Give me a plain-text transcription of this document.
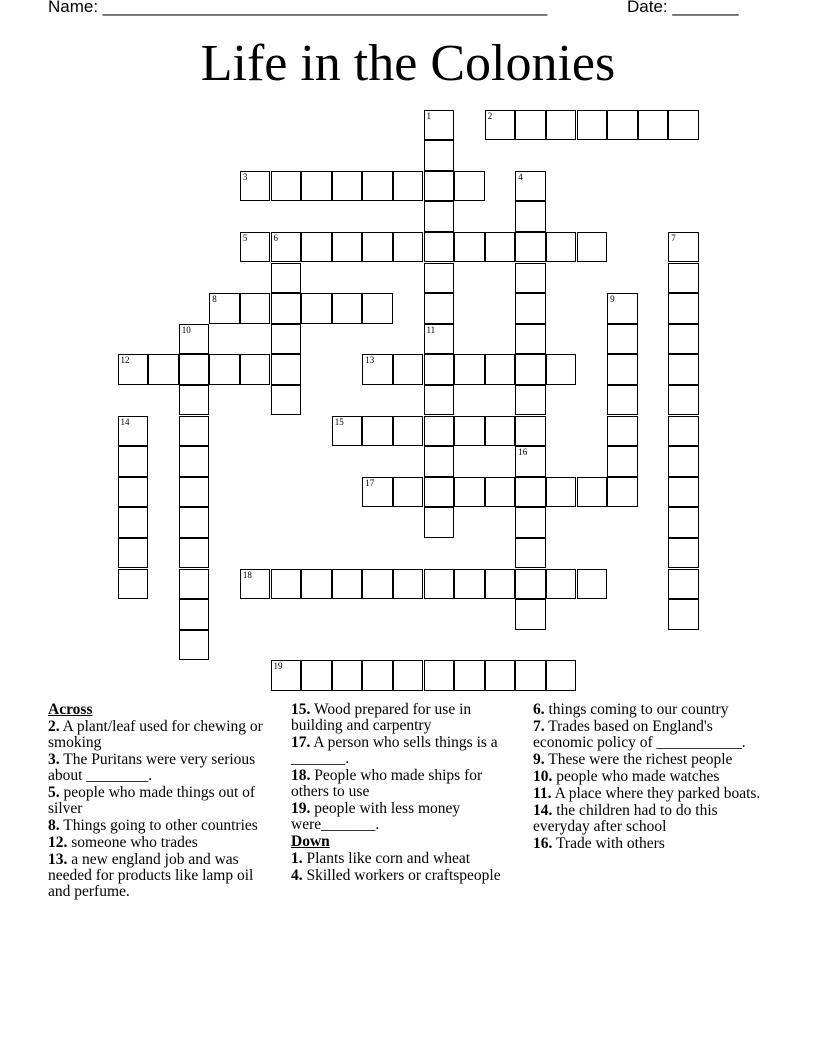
Name: _______________________________________________	Date: _______
Life in the Colonies
1
11
2
3	4
16
5	6	7
8	9
10
12	13
14	15
17
18
19
Across
2. A plant/leaf used for chewing or smoking
3. The Puritans were very serious about ________.
5. people who made things out of silver
8. Things going to other countries
12. someone who trades
13. a new england job and was needed for products like lamp oil and perfume.
15. Wood prepared for use in building and carpentry
17. A person who sells things is a _______.
18. People who made ships for others to use
19. people with less money were_______.
Down
1. Plants like corn and wheat
4. Skilled workers or craftspeople
6. things coming to our country
7. Trades based on England's economic policy of ___________.
9. These were the richest people
10. people who made watches
11. A place where they parked boats.
14. the children had to do this everyday after school
16. Trade with others
